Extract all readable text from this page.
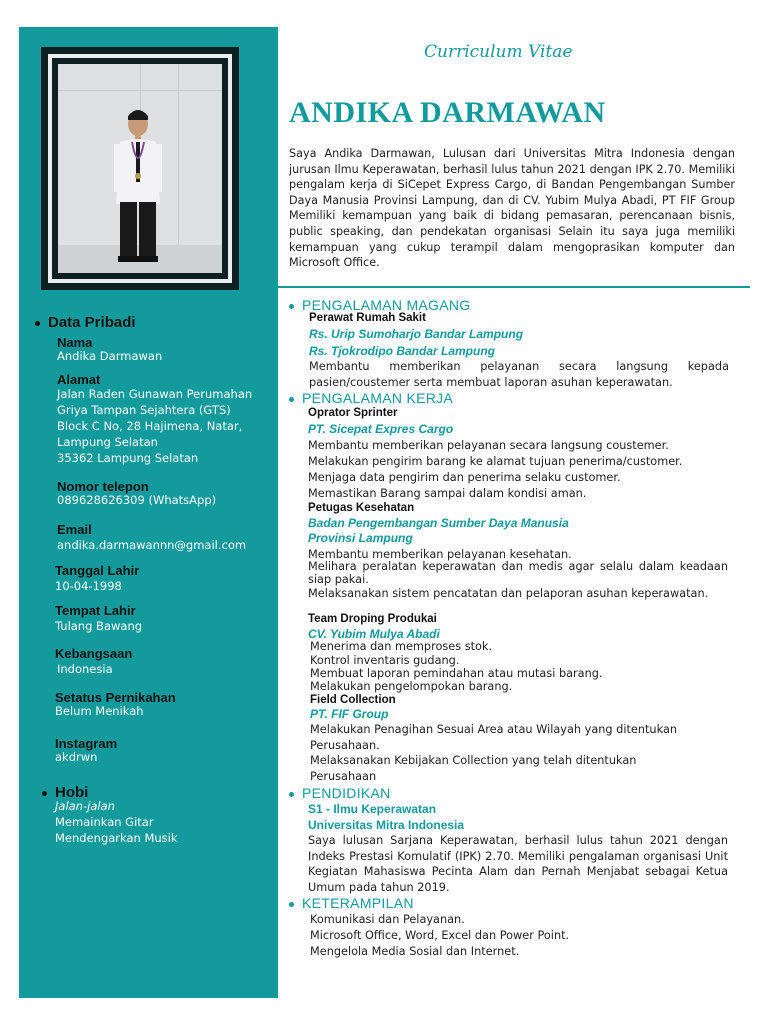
Data Pribadi
Nama
Andika Darmawan
Alamat
Jalan Raden Gunawan Perumahan
Griya Tampan Sejahtera (GTS)
Block C No, 28 Hajimena, Natar,
Lampung Selatan
35362 Lampung Selatan
Nomor telepon
089628626309 (WhatsApp)
Email
andika.darmawannn@gmail.com
Tanggal Lahir
10-04-1998
Tempat Lahir
Tulang Bawang
Kebangsaan
Indonesia
Setatus Pernikahan
Belum Menikah
Instagram
akdrwn
Hobi
Jalan-jalan
Memainkan Gitar
Mendengarkan Musik
Curriculum Vitae
ANDIKA DARMAWAN
Saya Andika Darmawan, Lulusan dari Universitas Mitra Indonesia dengan jurusan Ilmu Keperawatan, berhasil lulus tahun 2021 dengan IPK 2.70. Memiliki pengalam kerja di SiCepet Express Cargo, di Bandan Pengembangan Sumber Daya Manusia Provinsi Lampung, dan di CV. Yubim Mulya Abadi, PT FIF Group Memiliki kemampuan yang baik di bidang pemasaran, perencanaan bisnis, public speaking, dan pendekatan organisasi Selain itu saya juga memiliki kemampuan yang cukup terampil dalam mengoprasikan komputer dan Microsoft Office.
PENGALAMAN MAGANG
Perawat Rumah Sakit
Rs. Urip Sumoharjo Bandar Lampung
Rs. Tjokrodipo Bandar Lampung
Membantu memberikan pelayanan secara langsung kepada pasien/coustemer serta membuat laporan asuhan keperawatan.
PENGALAMAN KERJA
Oprator Sprinter
PT. Sicepat Expres Cargo
Membantu memberikan pelayanan secara langsung coustemer.
Melakukan pengirim barang ke alamat tujuan penerima/customer.
Menjaga data pengirim dan penerima selaku customer.
Memastikan Barang sampai dalam kondisi aman.
Petugas Kesehatan
Badan Pengembangan Sumber Daya Manusia
Provinsi Lampung
Membantu memberikan pelayanan kesehatan.
Melihara peralatan keperawatan dan medis agar selalu dalam keadaan siap pakai.
Melaksanakan sistem pencatatan dan pelaporan asuhan keperawatan.
Team Droping Produkai
CV. Yubim Mulya Abadi
Menerima dan memproses stok.
Kontrol inventaris gudang.
Membuat laporan pemindahan atau mutasi barang.
Melakukan pengelompokan barang.
Field Collection
PT. FIF Group
Melakukan Penagihan Sesuai Area atau Wilayah yang ditentukan
Perusahaan.
Melaksanakan Kebijakan Collection yang telah ditentukan
Perusahaan
PENDIDIKAN
S1 - Ilmu Keperawatan
Universitas Mitra Indonesia
Saya lulusan Sarjana Keperawatan, berhasil lulus tahun 2021 dengan Indeks Prestasi Komulatif (IPK) 2.70. Memiliki pengalaman organisasi Unit Kegiatan Mahasiswa Pecinta Alam dan Pernah Menjabat sebagai Ketua Umum pada tahun 2019.
KETERAMPILAN
Komunikasi dan Pelayanan.
Microsoft Office, Word, Excel dan Power Point.
Mengelola Media Sosial dan Internet.
